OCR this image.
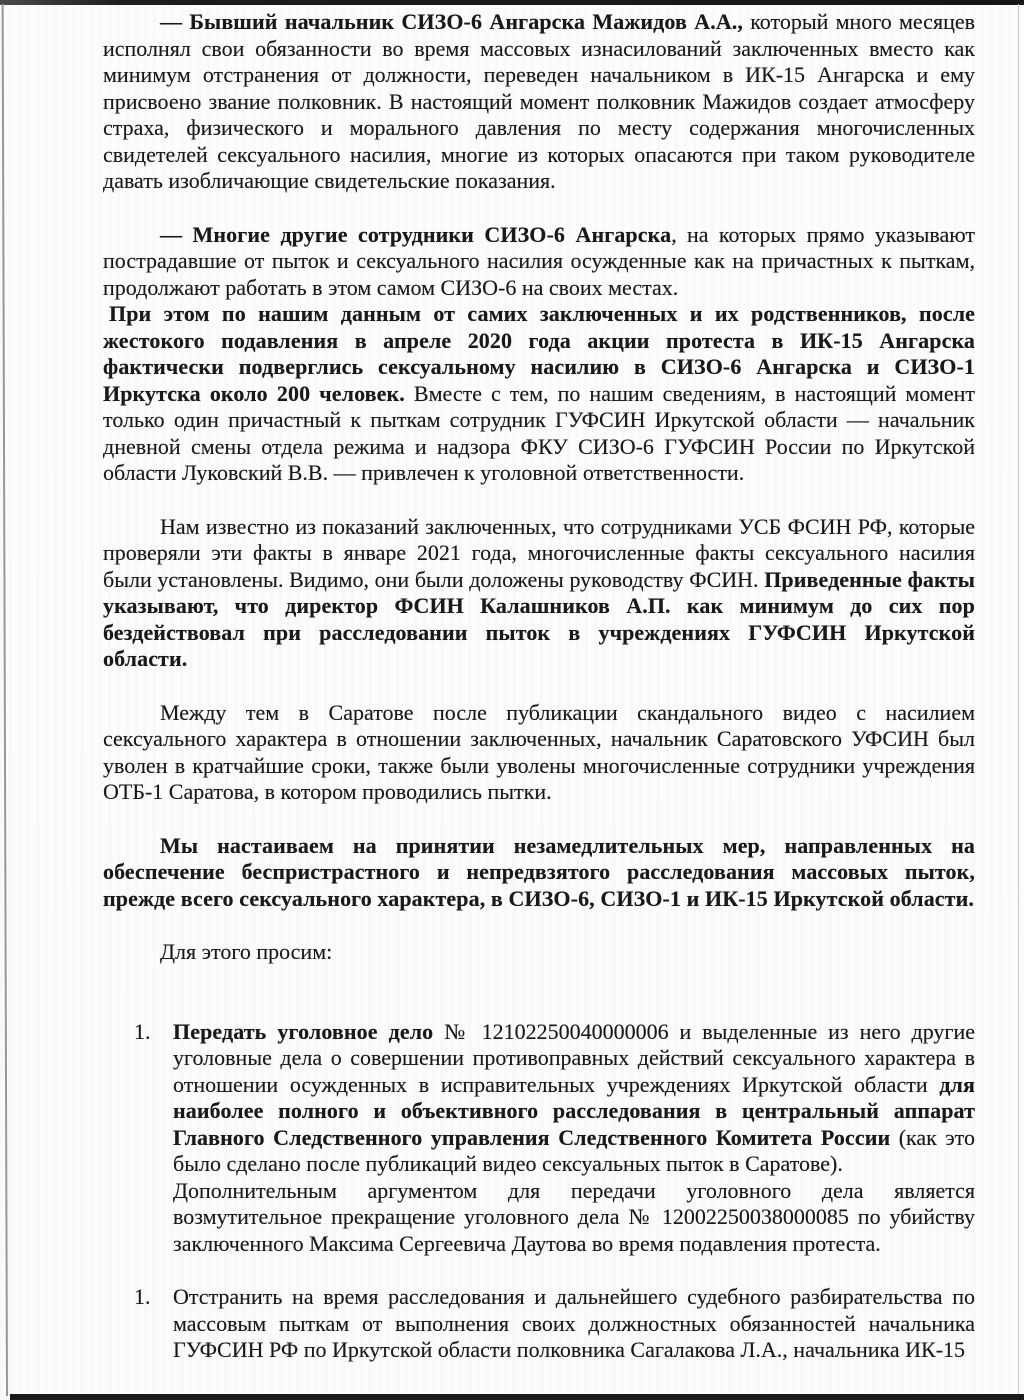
— Бывший начальник СИЗО-6 Ангарска Мажидов А.А., который много месяцев исполнял свои обязанности во время массовых изнасилований заключенных вместо как минимум отстранения от должности, переведен начальником в ИК-15 Ангарска и ему присвоено звание полковник. В настоящий момент полковник Мажидов создает атмосферу страха, физического и морального давления по месту содержания многочисленных свидетелей сексуального насилия, многие из которых опасаются при таком руководителе давать изобличающие свидетельские показания.

— Многие другие сотрудники СИЗО-6 Ангарска, на которых прямо указывают пострадавшие от пыток и сексуального насилия осужденные как на причастных к пыткам, продолжают работать в этом самом СИЗО-6 на своих местах.

При этом по нашим данным от самих заключенных и их родственников, после жестокого подавления в апреле 2020 года акции протеста в ИК-15 Ангарска фактически подверглись сексуальному насилию в СИЗО-6 Ангарска и СИЗО-1 Иркутска около 200 человек. Вместе с тем, по нашим сведениям, в настоящий момент только один причастный к пыткам сотрудник ГУФСИН Иркутской области — начальник дневной смены отдела режима и надзора ФКУ СИЗО-6 ГУФСИН России по Иркутской области Луковский В.В. — привлечен к уголовной ответственности.

Нам известно из показаний заключенных, что сотрудниками УСБ ФСИН РФ, которые проверяли эти факты в январе 2021 года, многочисленные факты сексуального насилия были установлены. Видимо, они были доложены руководству ФСИН. Приведенные факты указывают, что директор ФСИН Калашников А.П. как минимум до сих пор бездействовал при расследовании пыток в учреждениях ГУФСИН Иркутской области.

Между тем в Саратове после публикации скандального видео с насилием сексуального характера в отношении заключенных, начальник Саратовского УФСИН был уволен в кратчайшие сроки, также были уволены многочисленные сотрудники учреждения ОТБ-1 Саратова, в котором проводились пытки.

Мы настаиваем на принятии незамедлительных мер, направленных на обеспечение беспристрастного и непредвзятого расследования массовых пыток, прежде всего сексуального характера, в СИЗО-6, СИЗО-1 и ИК-15 Иркутской области.

Для этого просим:

1.	Передать уголовное дело № 12102250040000006 и выделенные из него другие уголовные дела о совершении противоправных действий сексуального характера в отношении осужденных в исправительных учреждениях Иркутской области для наиболее полного и объективного расследования в центральный аппарат Главного Следственного управления Следственного Комитета России (как это было сделано после публикаций видео сексуальных пыток в Саратове).

Дополнительным аргументом для передачи уголовного дела является возмутительное прекращение уголовного дела № 12002250038000085 по убийству заключенного Максима Сергеевича Даутова во время подавления протеста.

1.	Отстранить на время расследования и дальнейшего судебного разбирательства по массовым пыткам от выполнения своих должностных обязанностей начальника ГУФСИН РФ по Иркутской области полковника Сагалакова Л.А., начальника ИК-15
